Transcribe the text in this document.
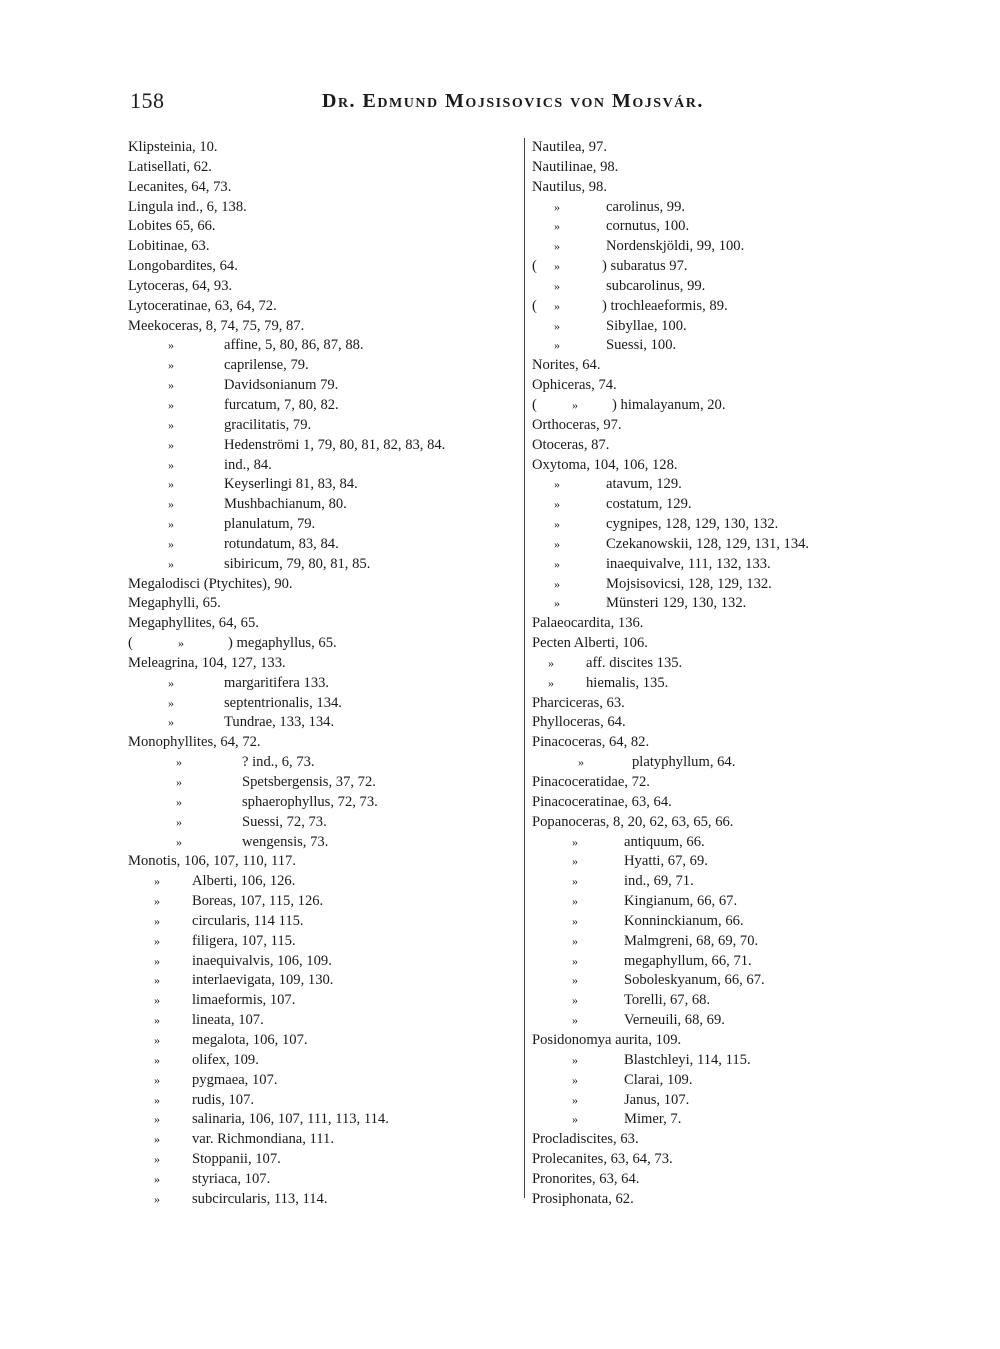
158	Dr. Edmund Mojsisovics von Mojsvár.
Klipsteinia, 10.
Latisellati, 62.
Lecanites, 64, 73.
Lingula ind., 6, 138.
Lobites 65, 66.
Lobitinae, 63.
Longobardites, 64.
Lytoceras, 64, 93.
Lytoceratinae, 63, 64, 72.
Meekoceras, 8, 74, 75, 79, 87.
»	affine, 5, 80, 86, 87, 88.
»	caprilense, 79.
»	Davidsonianum 79.
»	furcatum, 7, 80, 82.
»	gracilitatis, 79.
»	Hedenströmi 1, 79, 80, 81, 82, 83, 84.
»	ind., 84.
»	Keyserlingi 81, 83, 84.
»	Mushbachianum, 80.
»	planulatum, 79.
»	rotundatum, 83, 84.
»	sibiricum, 79, 80, 81, 85.
Megalodisci (Ptychites), 90.
Megaphylli, 65.
Megaphyllites, 64, 65.
(	»	) megaphyllus, 65.
Meleagrina, 104, 127, 133.
»	margaritifera 133.
»	septentrionalis, 134.
»	Tundrae, 133, 134.
Monophyllites, 64, 72.
»	? ind., 6, 73.
»	Spetsbergensis, 37, 72.
»	sphaerophyllus, 72, 73.
»	Suessi, 72, 73.
»	wengensis, 73.
Monotis, 106, 107, 110, 117.
» Alberti, 106, 126.
» Boreas, 107, 115, 126.
» circularis, 114 115.
» filigera, 107, 115.
» inaequivalvis, 106, 109.
» interlaevigata, 109, 130.
» limaeformis, 107.
» lineata, 107.
» megalota, 106, 107.
» olifex, 109.
» pygmaea, 107.
» rudis, 107.
» salinaria, 106, 107, 111, 113, 114.
» var. Richmondiana, 111.
» Stoppanii, 107.
» styriaca, 107.
» subcircularis, 113, 114.
Nautilea, 97.
Nautilinae, 98.
Nautilus, 98.
»	carolinus, 99.
»	cornutus, 100.
»	Nordenskjöldi, 99, 100.
( »	) subaratus 97.
»	subcarolinus, 99.
( »	) trochleaeformis, 89.
»	Sibyllae, 100.
»	Suessi, 100.
Norites, 64.
Ophiceras, 74.
(	» ) himalayanum, 20.
Orthoceras, 97.
Otoceras, 87.
Oxytoma, 104, 106, 128.
»	atavum, 129.
»	costatum, 129.
»	cygnipes, 128, 129, 130, 132.
»	Czekanowskii, 128, 129, 131, 134.
»	inaequivalve, 111, 132, 133.
»	Mojsisovicsi, 128, 129, 132.
»	Münsteri 129, 130, 132.
Palaeocardita, 136.
Pecten Alberti, 106.
» aff. discites 135.
» hiemalis, 135.
Pharciceras, 63.
Phylloceras, 64.
Pinacoceras, 64, 82.
»	platyphyllum, 64.
Pinacoceratidae, 72.
Pinacoceratinae, 63, 64.
Popanoceras, 8, 20, 62, 63, 65, 66.
»	antiquum, 66.
»	Hyatti, 67, 69.
»	ind., 69, 71.
»	Kingianum, 66, 67.
»	Konninckianum, 66.
»	Malmgreni, 68, 69, 70.
»	megaphyllum, 66, 71.
»	Soboleskyanum, 66, 67.
»	Torelli, 67, 68.
»	Verneuili, 68, 69.
Posidonomya aurita, 109.
»	Blastchleyi, 114, 115.
»	Clarai, 109.
»	Janus, 107.
»	Mimer, 7.
Procladiscites, 63.
Prolecanites, 63, 64, 73.
Pronorites, 63, 64.
Prosiphonata, 62.
